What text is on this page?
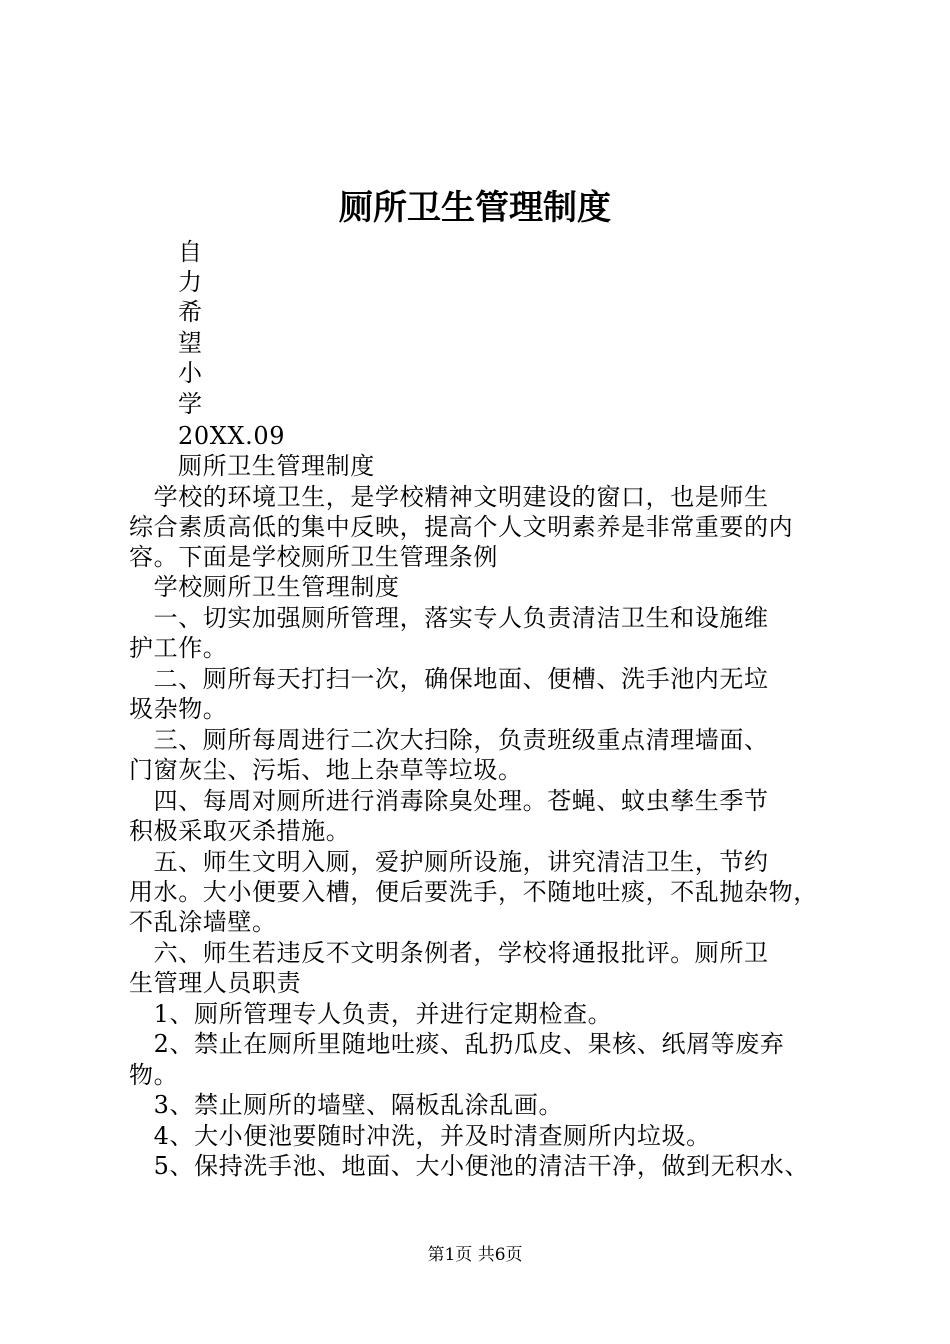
厕所卫生管理制度
自
力
希
望
小
学
20XX.09
厕所卫生管理制度
　学校的环境卫生，是学校精神文明建设的窗口，也是师生
综合素质高低的集中反映，提高个人文明素养是非常重要的内
容。下面是学校厕所卫生管理条例
　学校厕所卫生管理制度
　一、切实加强厕所管理，落实专人负责清洁卫生和设施维
护工作。
　二、厕所每天打扫一次，确保地面、便槽、洗手池内无垃
圾杂物。
　三、厕所每周进行二次大扫除，负责班级重点清理墙面、
门窗灰尘、污垢、地上杂草等垃圾。
　四、每周对厕所进行消毒除臭处理。苍蝇、蚊虫孳生季节
积极采取灭杀措施。
　五、师生文明入厕，爱护厕所设施，讲究清洁卫生，节约
用水。大小便要入槽，便后要洗手，不随地吐痰，不乱抛杂物，
不乱涂墙壁。
　六、师生若违反不文明条例者，学校将通报批评。厕所卫
生管理人员职责
　1、厕所管理专人负责，并进行定期检查。
　2、禁止在厕所里随地吐痰、乱扔瓜皮、果核、纸屑等废弃
物。
　3、禁止厕所的墙壁、隔板乱涂乱画。
　4、大小便池要随时冲洗，并及时清查厕所内垃圾。
　5、保持洗手池、地面、大小便池的清洁干净，做到无积水、
第1页 共6页
